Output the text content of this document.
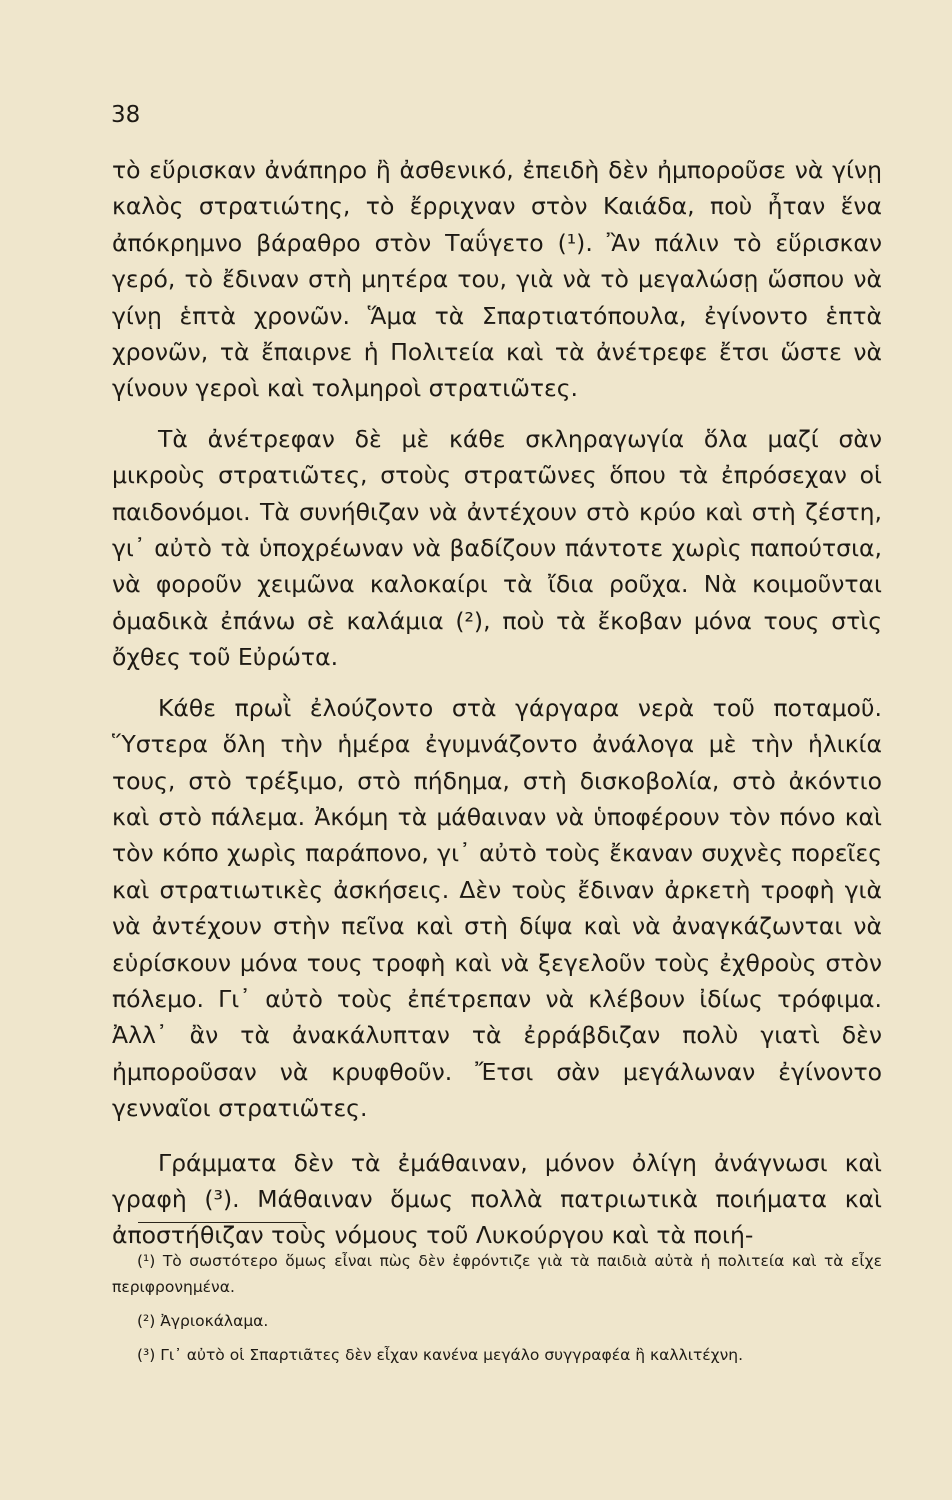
38

τὸ εὕρισκαν ἀνάπηρο ἢ ἀσθενικό, ἐπειδὴ δὲν ἠμποροῦσε νὰ γίνῃ καλὸς στρατιώτης, τὸ ἔρριχναν στὸν Καιάδα, ποὺ ἦταν ἕνα ἀπόκρημνο βάραθρο στὸν Ταΰγετο (¹). Ἂν πάλιν τὸ εὕρισκαν γερό, τὸ ἔδιναν στὴ μητέρα του, γιὰ νὰ τὸ μεγαλώσῃ ὥσπου νὰ γίνῃ ἑπτὰ χρονῶν. Ἅμα τὰ Σπαρτιατόπουλα, ἐγίνοντο ἑπτὰ χρονῶν, τὰ ἔπαιρνε ἡ Πολιτεία καὶ τὰ ἀνέτρεφε ἔτσι ὥστε νὰ γίνουν γεροὶ καὶ τολμηροὶ στρατιῶτες.

Τὰ ἀνέτρεφαν δὲ μὲ κάθε σκληραγωγία ὅλα μαζί σὰν μικροὺς στρατιῶτες, στοὺς στρατῶνες ὅπου τὰ ἐπρόσεχαν οἱ παιδονόμοι. Τὰ συνήθιζαν νὰ ἀντέχουν στὸ κρύο καὶ στὴ ζέστη, γι᾿ αὐτὸ τὰ ὑποχρέωναν νὰ βαδίζουν πάντοτε χωρὶς παπούτσια, νὰ φοροῦν χειμῶνα καλοκαίρι τὰ ἴδια ροῦχα. Νὰ κοιμοῦνται ὁμαδικὰ ἐπάνω σὲ καλάμια (²), ποὺ τὰ ἔκοβαν μόνα τους στὶς ὄχθες τοῦ Εὐρώτα.

Κάθε πρωῒ ἐλούζοντο στὰ γάργαρα νερὰ τοῦ ποταμοῦ. Ὕστερα ὅλη τὴν ἡμέρα ἐγυμνάζοντο ἀνάλογα μὲ τὴν ἡλικία τους, στὸ τρέξιμο, στὸ πήδημα, στὴ δισκοβολία, στὸ ἀκόντιο καὶ στὸ πάλεμα. Ἀκόμη τὰ μάθαιναν νὰ ὑποφέρουν τὸν πόνο καὶ τὸν κόπο χωρὶς παράπονο, γι᾿ αὐτὸ τοὺς ἔκαναν συχνὲς πορεῖες καὶ στρατιωτικὲς ἀσκήσεις. Δὲν τοὺς ἔδιναν ἀρκετὴ τροφὴ γιὰ νὰ ἀντέχουν στὴν πεῖνα καὶ στὴ δίψα καὶ νὰ ἀναγκάζωνται νὰ εὑρίσκουν μόνα τους τροφὴ καὶ νὰ ξεγελοῦν τοὺς ἐχθροὺς στὸν πόλεμο. Γι᾿ αὐτὸ τοὺς ἐπέτρεπαν νὰ κλέβουν ἰδίως τρόφιμα. Ἀλλ᾿ ἂν τὰ ἀνακάλυπταν τὰ ἐρράβδιζαν πολὺ γιατὶ δὲν ἠμποροῦσαν νὰ κρυφθοῦν. Ἔτσι σὰν μεγάλωναν ἐγίνοντο γενναῖοι στρατιῶτες.

Γράμματα δὲν τὰ ἐμάθαιναν, μόνον ὀλίγη ἀνάγνωσι καὶ γραφὴ (³). Μάθαιναν ὅμως πολλὰ πατριωτικὰ ποιήματα καὶ ἀποστήθιζαν τοὺς νόμους τοῦ Λυκούργου καὶ τὰ ποιή-

(¹) Τὸ σωστότερο ὅμως εἶναι πὼς δὲν ἐφρόντιζε γιὰ τὰ παιδιὰ αὐτὰ ἡ πολιτεία καὶ τὰ εἶχε περιφρονημένα.

(²) Ἀγριοκάλαμα.

(³) Γι᾿ αὐτὸ οἱ Σπαρτιᾶτες δὲν εἶχαν κανένα μεγάλο συγγραφέα ἢ καλλιτέχνη.
